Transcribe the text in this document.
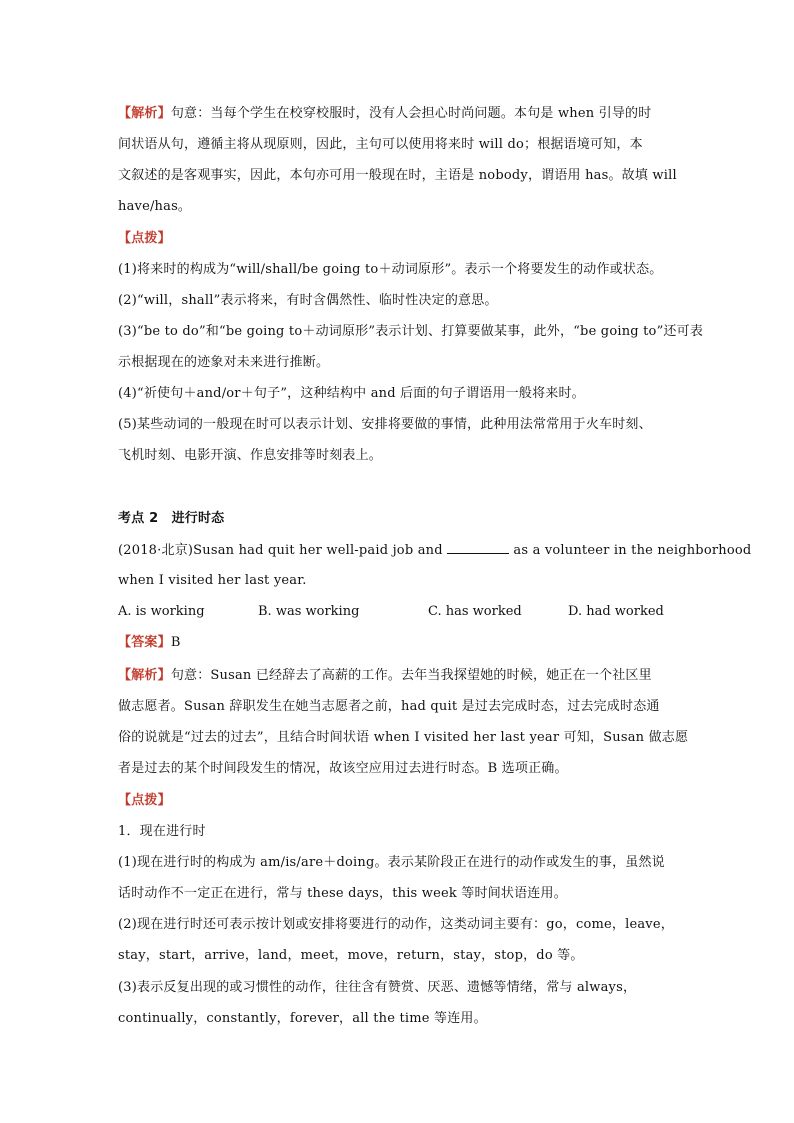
【解析】句意：当每个学生在校穿校服时，没有人会担心时尚问题。本句是 when 引导的时
间状语从句，遵循主将从现原则，因此，主句可以使用将来时 will do；根据语境可知，本
文叙述的是客观事实，因此，本句亦可用一般现在时，主语是 nobody，谓语用 has。故填 will
have/has。
【点拨】
(1)将来时的构成为“will/shall/be going to＋动词原形”。表示一个将要发生的动作或状态。
(2)“will，shall”表示将来，有时含偶然性、临时性决定的意思。
(3)“be to do”和“be going to＋动词原形”表示计划、打算要做某事，此外，“be going to”还可表
示根据现在的迹象对未来进行推断。
(4)“祈使句＋and/or＋句子”，这种结构中 and 后面的句子谓语用一般将来时。
(5)某些动词的一般现在时可以表示计划、安排将要做的事情，此种用法常常用于火车时刻、
飞机时刻、电影开演、作息安排等时刻表上。
考点 2　进行时态
(2018·北京)Susan had quit her well-paid job and	as a volunteer in the neighborhood
when I visited her last year.
A. is working	B. was working	C. has worked	D. had worked
【答案】B
【解析】句意：Susan 已经辞去了高薪的工作。去年当我探望她的时候，她正在一个社区里
做志愿者。Susan 辞职发生在她当志愿者之前，had quit 是过去完成时态，过去完成时态通
俗的说就是“过去的过去”，且结合时间状语 when I visited her last year 可知，Susan 做志愿
者是过去的某个时间段发生的情况，故该空应用过去进行时态。B 选项正确。
【点拨】
1．现在进行时
(1)现在进行时的构成为 am/is/are＋doing。表示某阶段正在进行的动作或发生的事，虽然说
话时动作不一定正在进行，常与 these days，this week 等时间状语连用。
(2)现在进行时还可表示按计划或安排将要进行的动作，这类动词主要有：go，come，leave，
stay，start，arrive，land，meet，move，return，stay，stop，do 等。
(3)表示反复出现的或习惯性的动作，往往含有赞赏、厌恶、遗憾等情绪，常与 always，
continually，constantly，forever，all the time 等连用。
